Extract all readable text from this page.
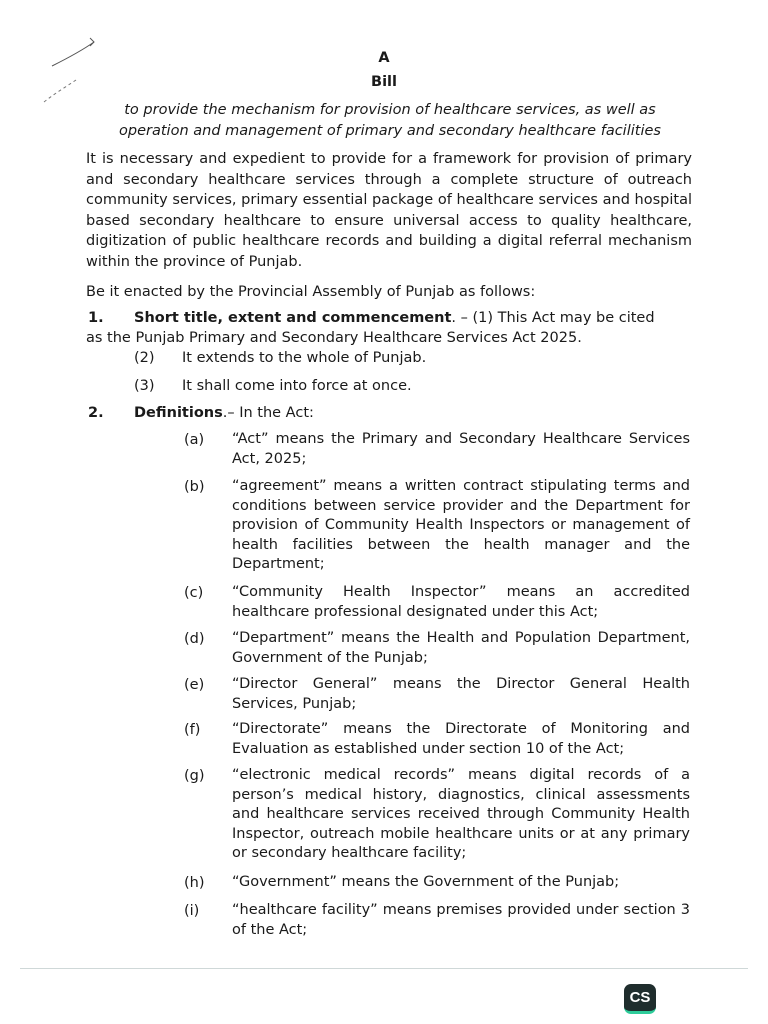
A
Bill
to provide the mechanism for provision of healthcare services, as well as
operation and management of primary and secondary healthcare facilities
It is necessary and expedient to provide for a framework for provision of primary and secondary healthcare services through a complete structure of outreach community services, primary essential package of healthcare services and hospital based secondary healthcare to ensure universal access to quality healthcare, digitization of public healthcare records and building a digital referral mechanism within the province of Punjab.
Be it enacted by the Provincial Assembly of Punjab as follows:
1. Short title, extent and commencement. – (1) This Act may be cited
as the Punjab Primary and Secondary Healthcare Services Act 2025.
(2) It extends to the whole of Punjab.
(3) It shall come into force at once.
2. Definitions.– In the Act:
(a)	“Act” means the Primary and Secondary Healthcare Services Act, 2025;
(b)	“agreement” means a written contract stipulating terms and conditions between service provider and the Department for provision of Community Health Inspectors or management of health facilities between the health manager and the Department;
(c)	“Community Health Inspector” means an accredited healthcare professional designated under this Act;
(d)	“Department” means the Health and Population Department, Government of the Punjab;
(e)	“Director General” means the Director General Health Services, Punjab;
(f)	“Directorate” means the Directorate of Monitoring and Evaluation as established under section 10 of the Act;
(g)	“electronic medical records” means digital records of a person’s medical history, diagnostics, clinical assessments and healthcare services received through Community Health Inspector, outreach mobile healthcare units or at any primary or secondary healthcare facility;
(h)	“Government” means the Government of the Punjab;
(i)	“healthcare facility” means premises provided under section 3 of the Act;
CS
